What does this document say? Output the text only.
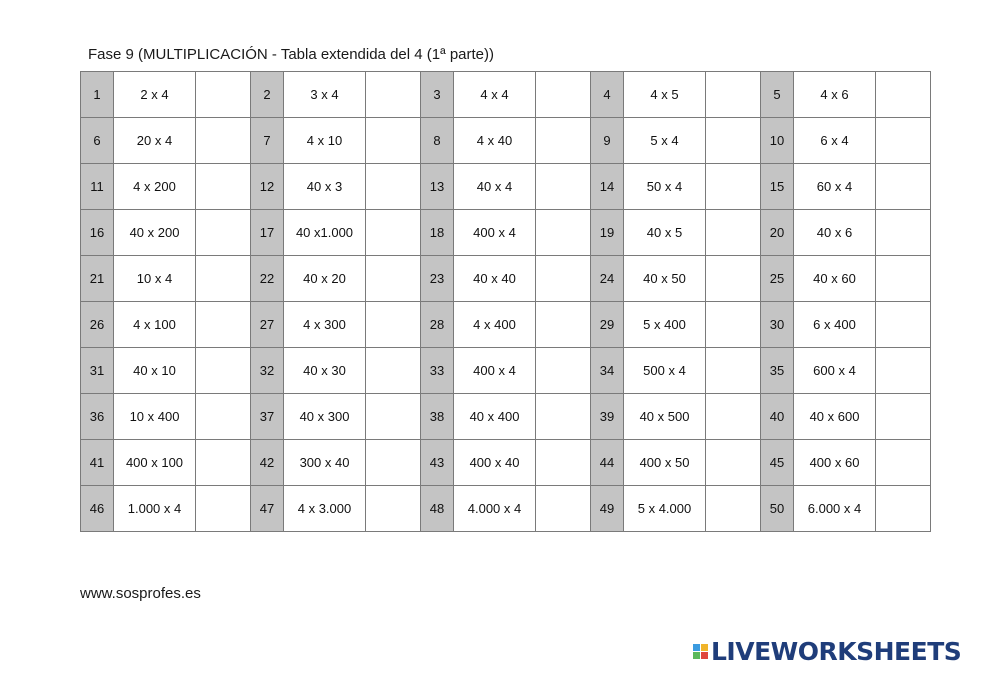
Fase 9 (MULTIPLICACIÓN - Tabla extendida del 4 (1ª parte))
1	2 x 4		2	3 x 4		3	4 x 4		4	4 x 5		5	4 x 6	
6	20 x 4		7	4 x 10		8	4 x 40		9	5 x 4		10	6 x 4	
11	4 x 200		12	40 x 3		13	40 x 4		14	50 x 4		15	60 x 4	
16	40 x 200		17	40 x1.000		18	400 x 4		19	40 x 5		20	40 x 6	
21	10 x 4		22	40 x 20		23	40 x 40		24	40 x 50		25	40 x 60	
26	4 x 100		27	4 x 300		28	4 x 400		29	5 x 400		30	6 x 400	
31	40 x 10		32	40 x 30		33	400 x 4		34	500 x 4		35	600 x 4	
36	10 x 400		37	40 x 300		38	40 x 400		39	40 x 500		40	40 x 600	
41	400 x 100		42	300 x 40		43	400 x 40		44	400 x 50		45	400 x 60	
46	1.000 x 4		47	4 x 3.000		48	4.000 x 4		49	5 x 4.000		50	6.000 x 4	
www.sosprofes.es
LIVEWORKSHEETS
